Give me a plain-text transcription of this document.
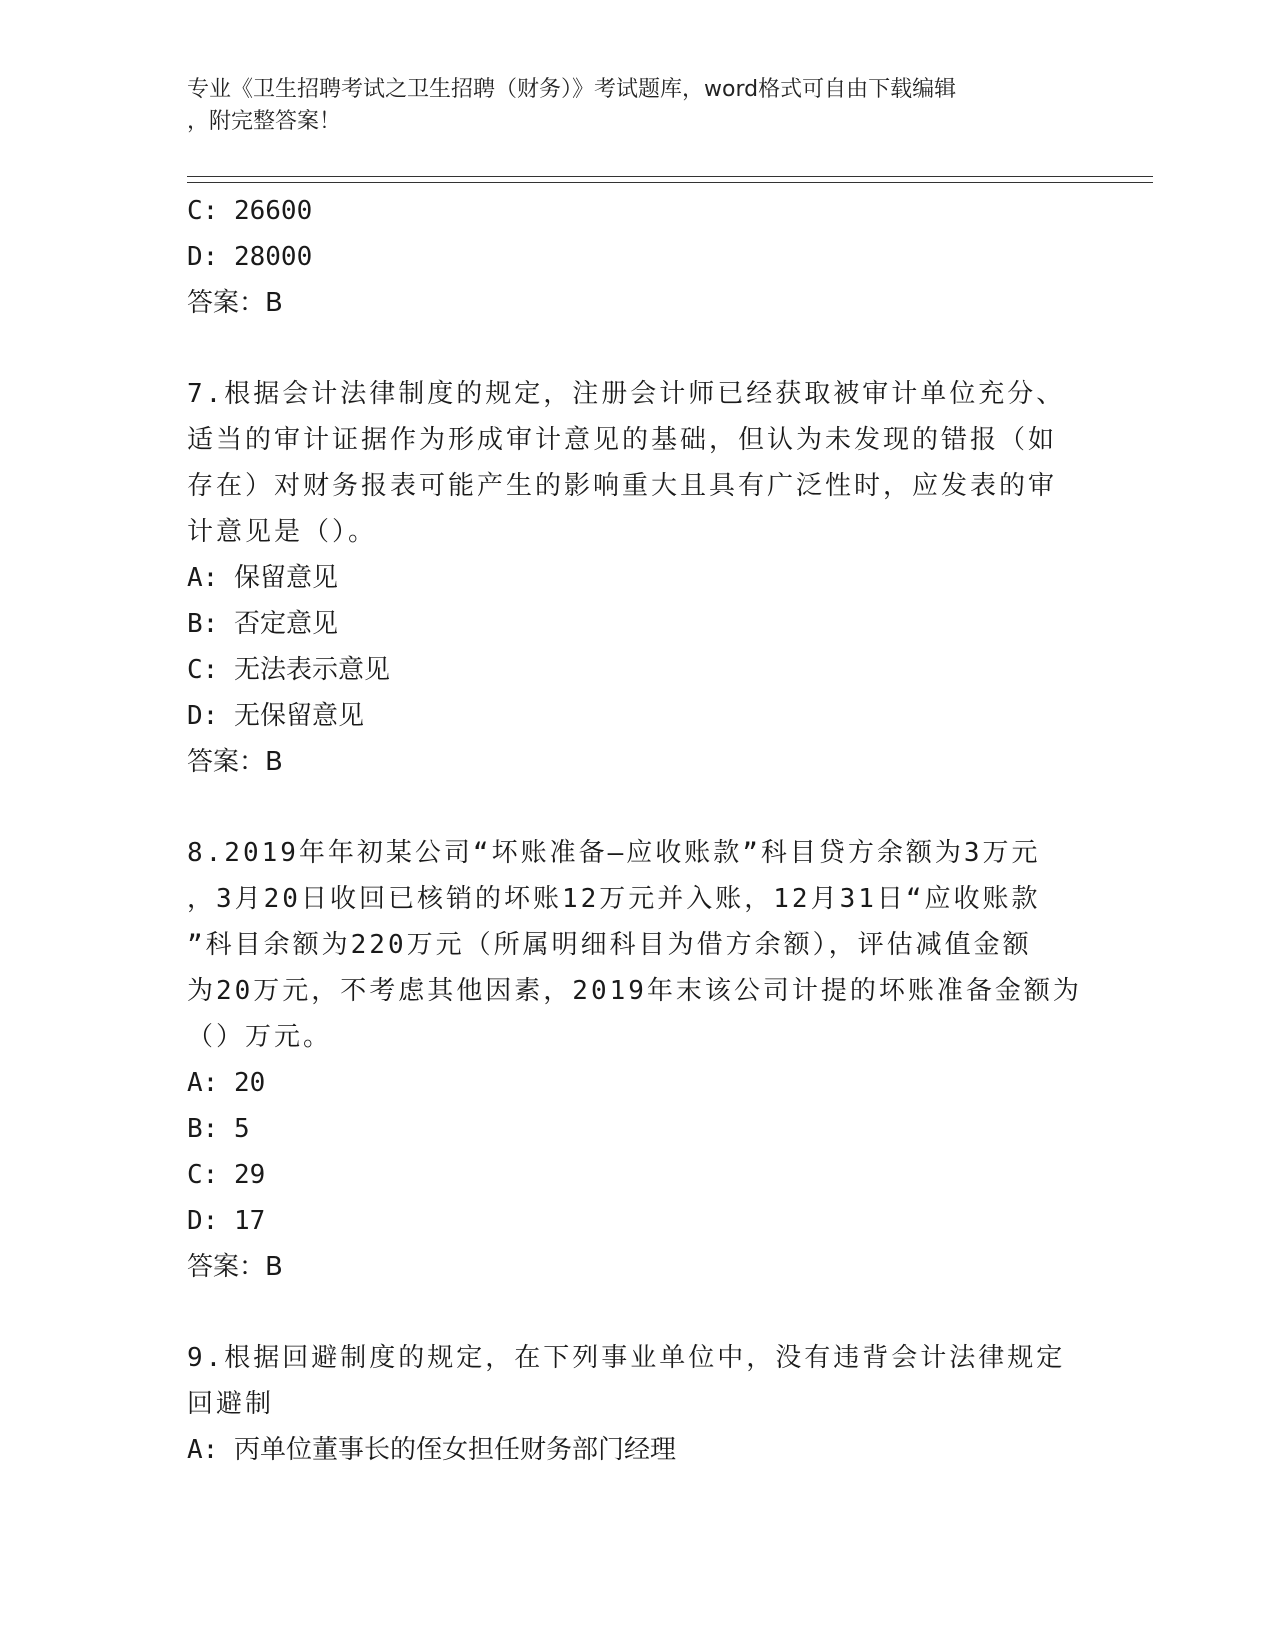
专业《卫生招聘考试之卫生招聘（财务）》考试题库，word格式可自由下载编辑
，附完整答案！
C: 26600
D: 28000
答案：B
7.根据会计法律制度的规定，注册会计师已经获取被审计单位充分、
适当的审计证据作为形成审计意见的基础，但认为未发现的错报（如
存在）对财务报表可能产生的影响重大且具有广泛性时，应发表的审
计意见是（）。
A: 保留意见
B: 否定意见
C: 无法表示意见
D: 无保留意见
答案：B
8.2019年年初某公司“坏账准备—应收账款”科目贷方余额为3万元
，3月20日收回已核销的坏账12万元并入账，12月31日“应收账款
”科目余额为220万元（所属明细科目为借方余额），评估减值金额
为20万元，不考虑其他因素，2019年末该公司计提的坏账准备金额为
（）万元。
A: 20
B: 5
C: 29
D: 17
答案：B
9.根据回避制度的规定，在下列事业单位中，没有违背会计法律规定
回避制
A: 丙单位董事长的侄女担任财务部门经理
